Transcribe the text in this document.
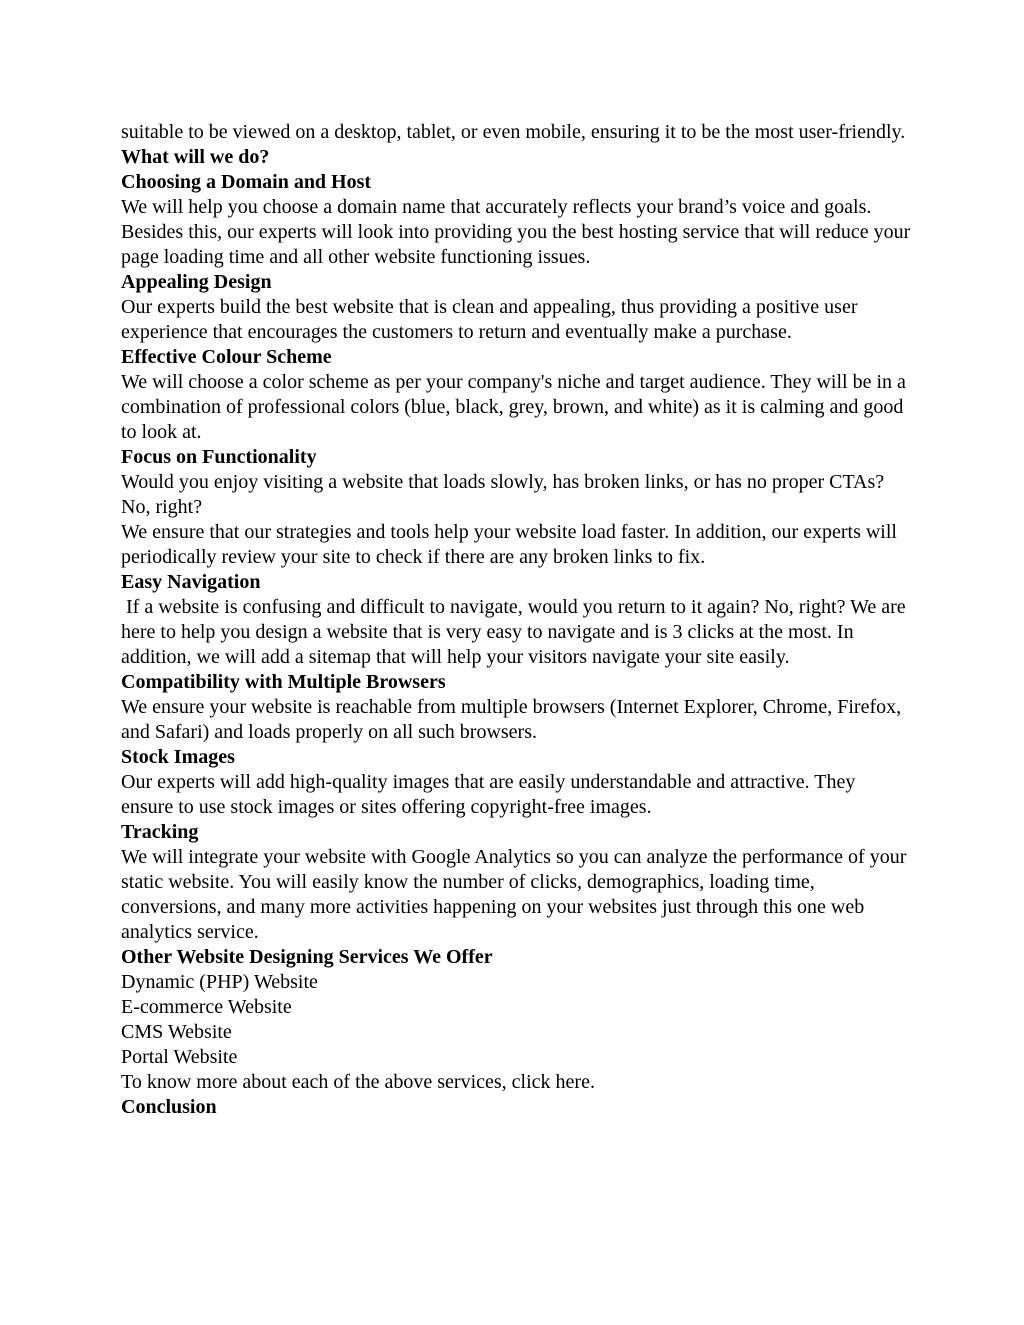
suitable to be viewed on a desktop, tablet, or even mobile, ensuring it to be the most user-friendly.

What will we do?
Choosing a Domain and Host

We will help you choose a domain name that accurately reflects your brand’s voice and goals. Besides this, our experts will look into providing you the best hosting service that will reduce your page loading time and all other website functioning issues.

Appealing Design

Our experts build the best website that is clean and appealing, thus providing a positive user experience that encourages the customers to return and eventually make a purchase.

Effective Colour Scheme

We will choose a color scheme as per your company's niche and target audience. They will be in a combination of professional colors (blue, black, grey, brown, and white) as it is calming and good to look at.

Focus on Functionality

Would you enjoy visiting a website that loads slowly, has broken links, or has no proper CTAs? No, right?

We ensure that our strategies and tools help your website load faster. In addition, our experts will periodically review your site to check if there are any broken links to fix.

Easy Navigation

If a website is confusing and difficult to navigate, would you return to it again? No, right? We are here to help you design a website that is very easy to navigate and is 3 clicks at the most. In addition, we will add a sitemap that will help your visitors navigate your site easily.

Compatibility with Multiple Browsers

We ensure your website is reachable from multiple browsers (Internet Explorer, Chrome, Firefox, and Safari) and loads properly on all such browsers.

Stock Images

Our experts will add high-quality images that are easily understandable and attractive. They ensure to use stock images or sites offering copyright-free images.

Tracking

We will integrate your website with Google Analytics so you can analyze the performance of your static website. You will easily know the number of clicks, demographics, loading time, conversions, and many more activities happening on your websites just through this one web analytics service.

Other Website Designing Services We Offer

Dynamic (PHP) Website

E-commerce Website

CMS Website

Portal Website

To know more about each of the above services, click here.

Conclusion
